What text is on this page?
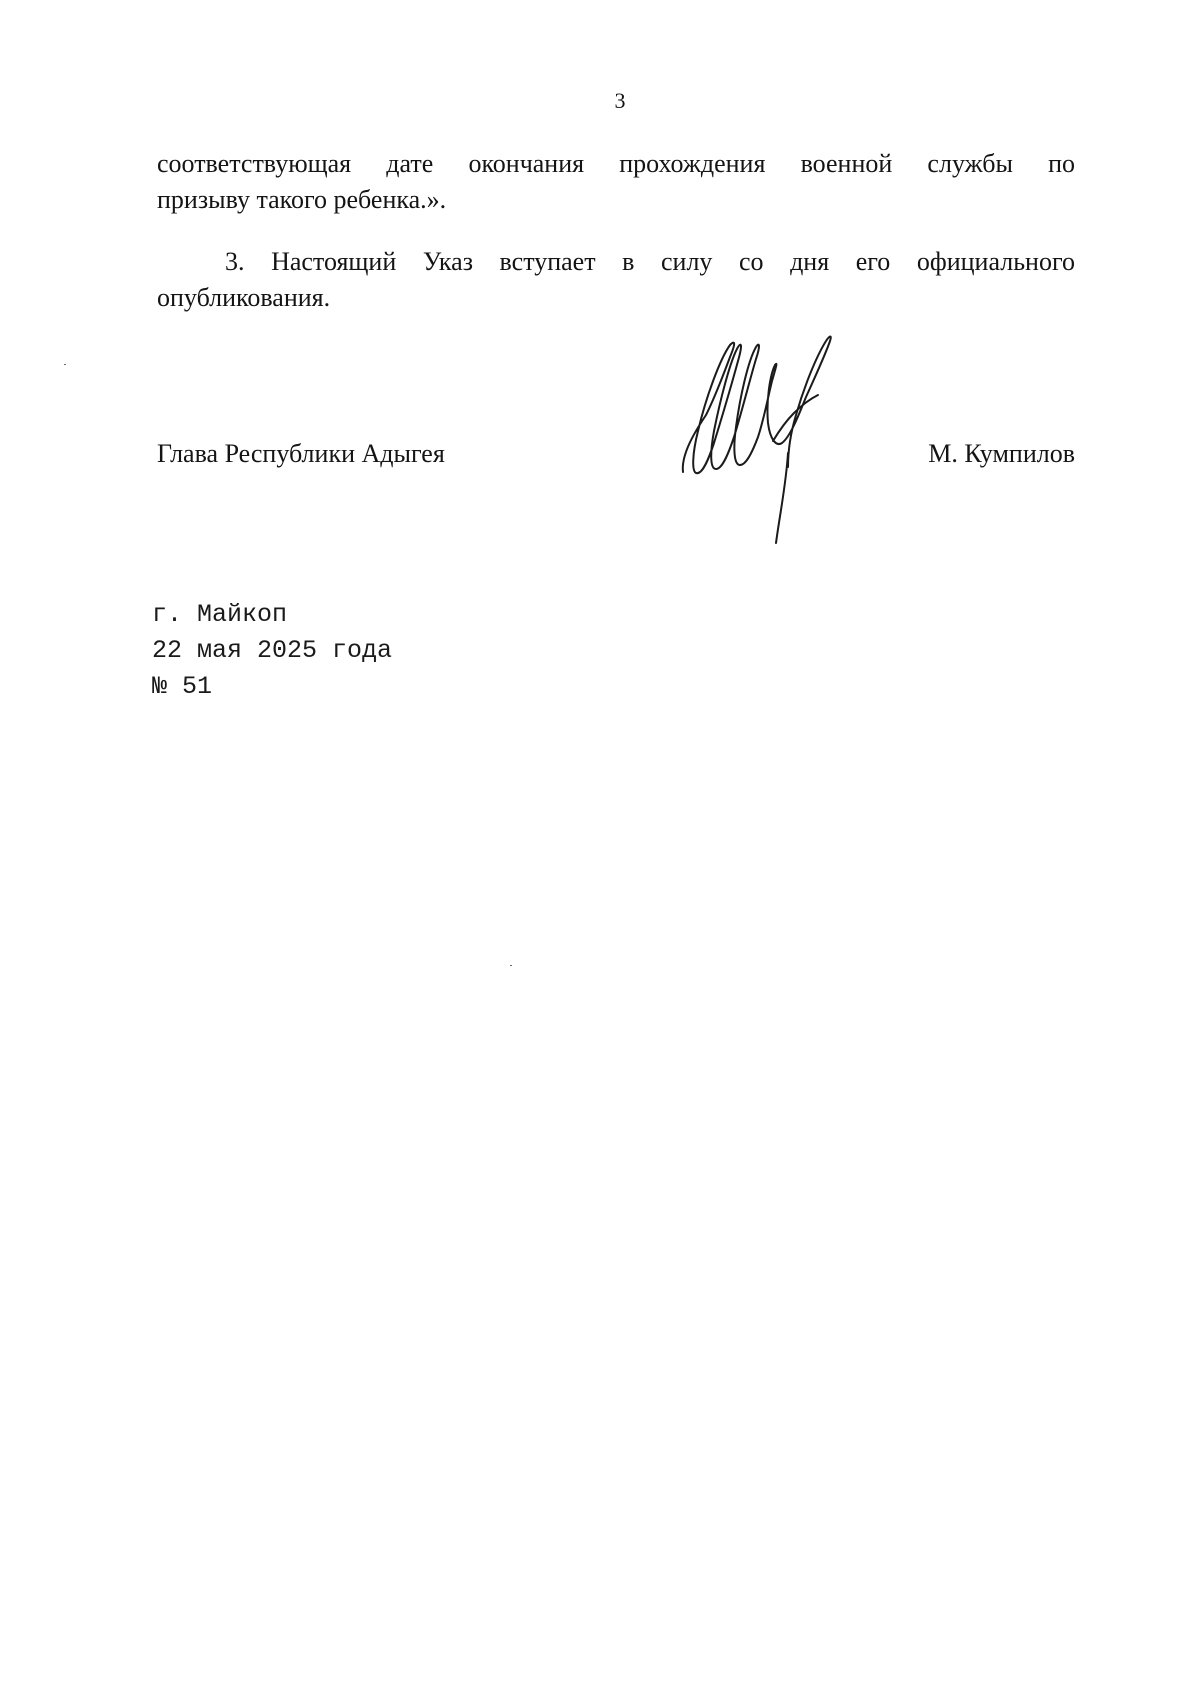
3

соответствующая дате окончания прохождения военной службы по
призыву такого ребенка.».

3. Настоящий Указ вступает в силу со дня его официального
опубликования.

Глава Республики Адыгея	М. Кумпилов
г. Майкоп
22 мая 2025 года
№ 51
